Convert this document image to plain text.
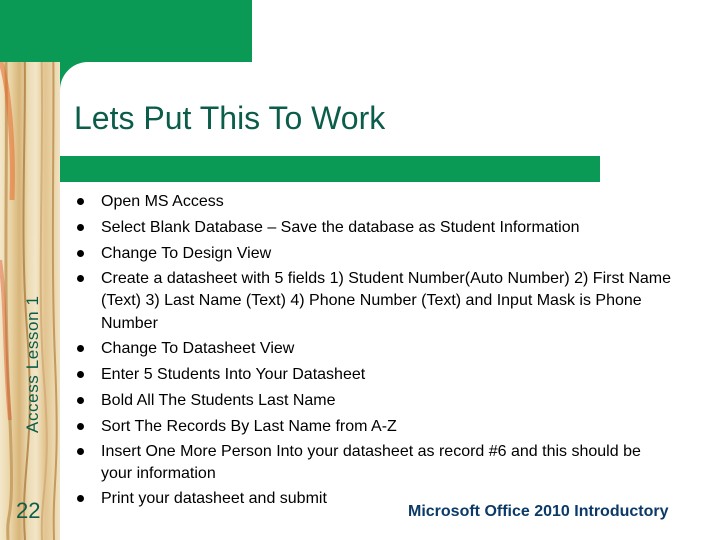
Lets Put This To Work
Access Lesson 1
22
Open MS Access
Select Blank Database – Save the database as Student Information
Change To Design View
Create a datasheet with 5 fields 1) Student Number(Auto Number) 2) First Name (Text) 3) Last Name (Text) 4) Phone Number (Text) and Input Mask is Phone Number
Change To Datasheet View
Enter 5 Students Into Your Datasheet
Bold All The Students Last Name
Sort The Records By Last Name from A-Z
Insert One More Person Into your datasheet as record #6 and this should be your information
Print your datasheet and submit
Microsoft Office 2010 Introductory
